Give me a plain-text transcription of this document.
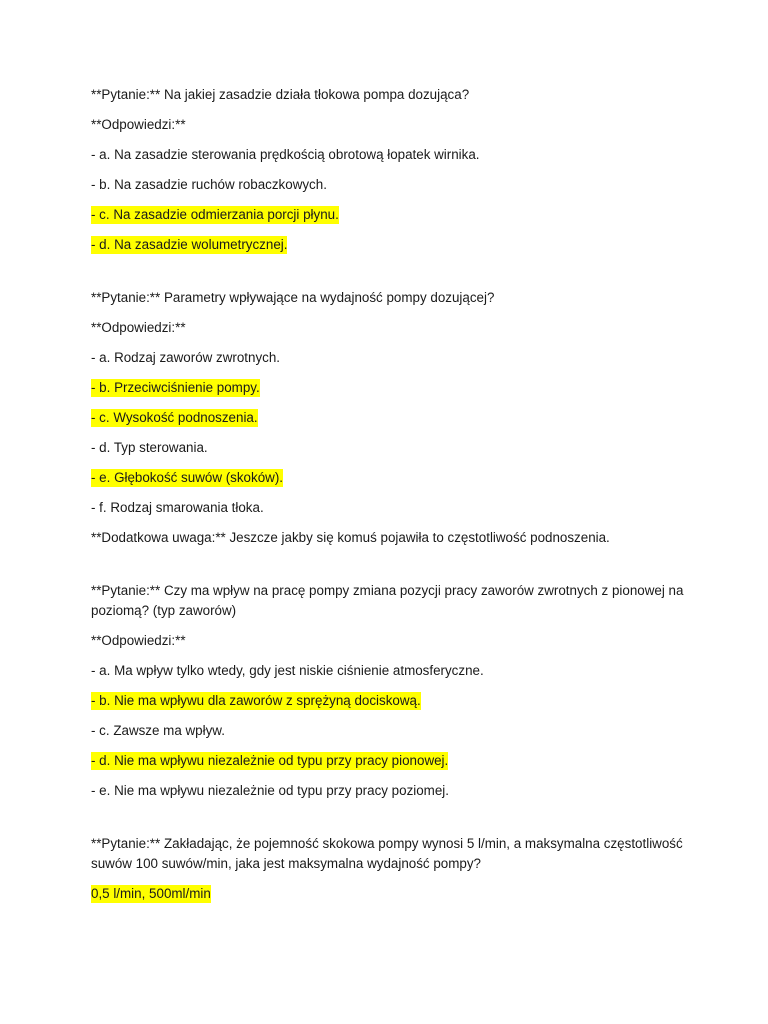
**Pytanie:** Na jakiej zasadzie działa tłokowa pompa dozująca?
**Odpowiedzi:**
- a. Na zasadzie sterowania prędkością obrotową łopatek wirnika.
- b. Na zasadzie ruchów robaczkowych.
- c. Na zasadzie odmierzania porcji płynu.
- d. Na zasadzie wolumetrycznej.
**Pytanie:** Parametry wpływające na wydajność pompy dozującej?
**Odpowiedzi:**
- a. Rodzaj zaworów zwrotnych.
- b. Przeciwciśnienie pompy.
- c. Wysokość podnoszenia.
- d. Typ sterowania.
- e. Głębokość suwów (skoków).
- f. Rodzaj smarowania tłoka.
**Dodatkowa uwaga:** Jeszcze jakby się komuś pojawiła to częstotliwość podnoszenia.
**Pytanie:** Czy ma wpływ na pracę pompy zmiana pozycji pracy zaworów zwrotnych z pionowej na poziomą? (typ zaworów)
**Odpowiedzi:**
- a. Ma wpływ tylko wtedy, gdy jest niskie ciśnienie atmosferyczne.
- b. Nie ma wpływu dla zaworów z sprężyną dociskową.
- c. Zawsze ma wpływ.
- d. Nie ma wpływu niezależnie od typu przy pracy pionowej.
- e. Nie ma wpływu niezależnie od typu przy pracy poziomej.
**Pytanie:** Zakładając, że pojemność skokowa pompy wynosi 5 l/min, a maksymalna częstotliwość suwów 100 suwów/min, jaka jest maksymalna wydajność pompy?
0,5 l/min, 500ml/min
